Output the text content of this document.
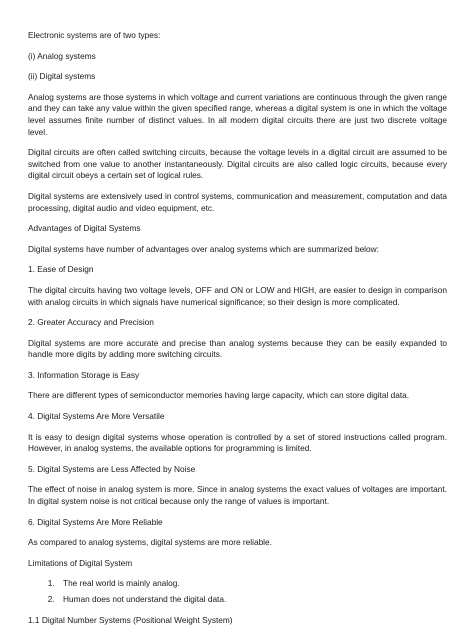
Electronic systems are of two types:

(i) Analog systems

(ii) Digital systems

Analog systems are those systems in which voltage and current variations are continuous through the given range and they can take any value within the given specified range, whereas a digital system is one in which the voltage level assumes finite number of distinct values. In all modern digital circuits there are just two discrete voltage level.

Digital circuits are often called switching circuits, because the voltage levels in a digital circuit are assumed to be switched from one value to another instantaneously. Digital circuits are also called logic circuits, because every digital circuit obeys a certain set of logical rules.

Digital systems are extensively used in control systems, communication and measurement, computation and data processing, digital audio and video equipment, etc.

Advantages of Digital Systems

Digital systems have number of advantages over analog systems which are summarized below:

1. Ease of Design

The digital circuits having two voltage levels, OFF and ON or LOW and HIGH, are easier to design in comparison with analog circuits in which signals have numerical significance; so their design is more complicated.

2. Greater Accuracy and Precision

Digital systems are more accurate and precise than analog systems because they can be easily expanded to handle more digits by adding more switching circuits.

3. Information Storage is Easy

There are different types of semiconductor memories having large capacity, which can store digital data.

4. Digital Systems Are More Versatile

It is easy to design digital systems whose operation is controlled by a set of stored instructions called program. However, in analog systems, the available options for programming is limited.

5. Digital Systems are Less Affected by Noise

The effect of noise in analog system is more. Since in analog systems the exact values of voltages are important. In digital system noise is not critical because only the range of values is important.

6. Digital Systems Are More Reliable

As compared to analog systems, digital systems are more reliable.

Limitations of Digital System

1. The real world is mainly analog.
2. Human does not understand the digital data.

1.1 Digital Number Systems (Positional Weight System)
